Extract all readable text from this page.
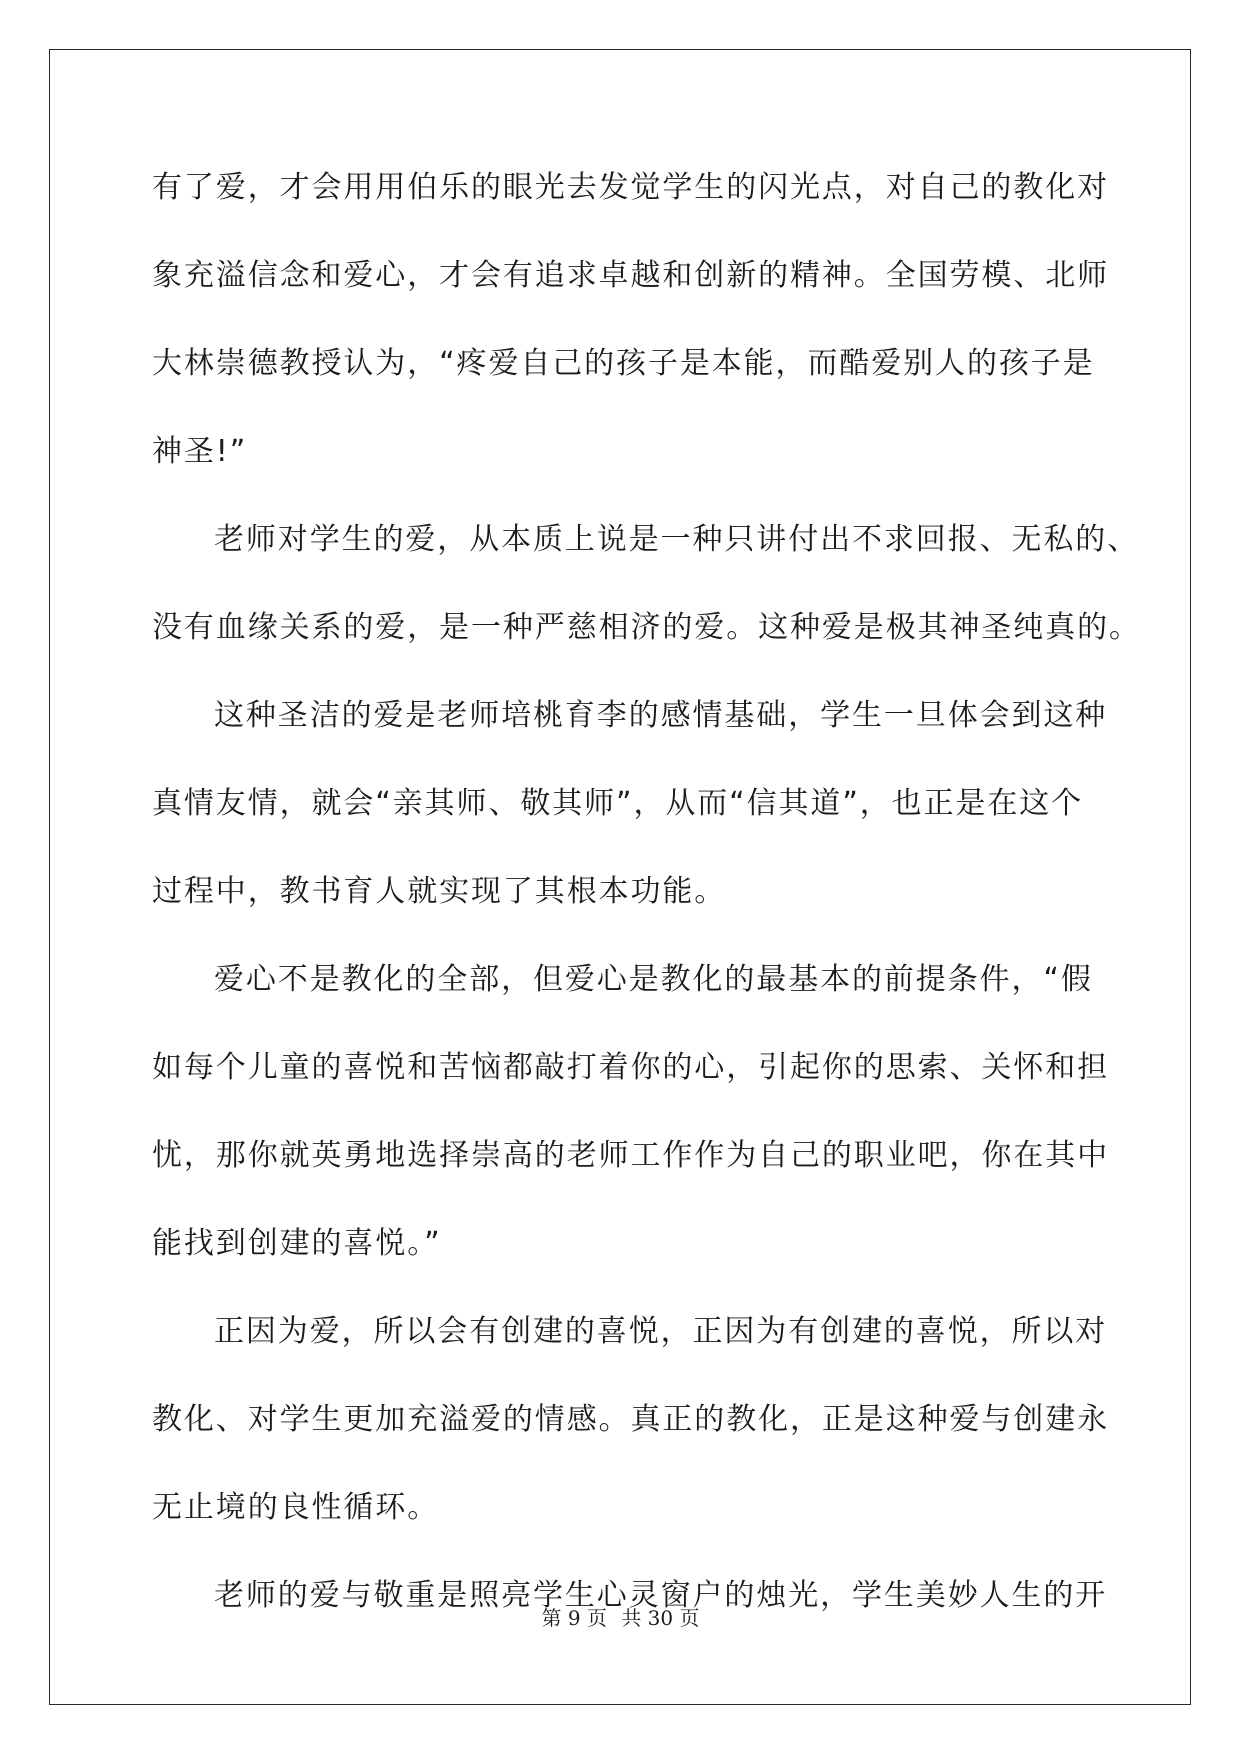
有了爱，才会用用伯乐的眼光去发觉学生的闪光点，对自己的教化对
象充溢信念和爱心，才会有追求卓越和创新的精神。全国劳模、北师
大林崇德教授认为，“疼爱自己的孩子是本能，而酷爱别人的孩子是
神圣!”
老师对学生的爱，从本质上说是一种只讲付出不求回报、无私的、
没有血缘关系的爱，是一种严慈相济的爱。这种爱是极其神圣纯真的。
这种圣洁的爱是老师培桃育李的感情基础，学生一旦体会到这种
真情友情，就会“亲其师、敬其师”，从而“信其道”，也正是在这个
过程中，教书育人就实现了其根本功能。
爱心不是教化的全部，但爱心是教化的最基本的前提条件，“假
如每个儿童的喜悦和苦恼都敲打着你的心，引起你的思索、关怀和担
忧，那你就英勇地选择崇高的老师工作作为自己的职业吧，你在其中
能找到创建的喜悦。”
正因为爱，所以会有创建的喜悦，正因为有创建的喜悦，所以对
教化、对学生更加充溢爱的情感。真正的教化，正是这种爱与创建永
无止境的良性循环。
老师的爱与敬重是照亮学生心灵窗户的烛光，学生美妙人生的开
第 9 页 共 30 页
